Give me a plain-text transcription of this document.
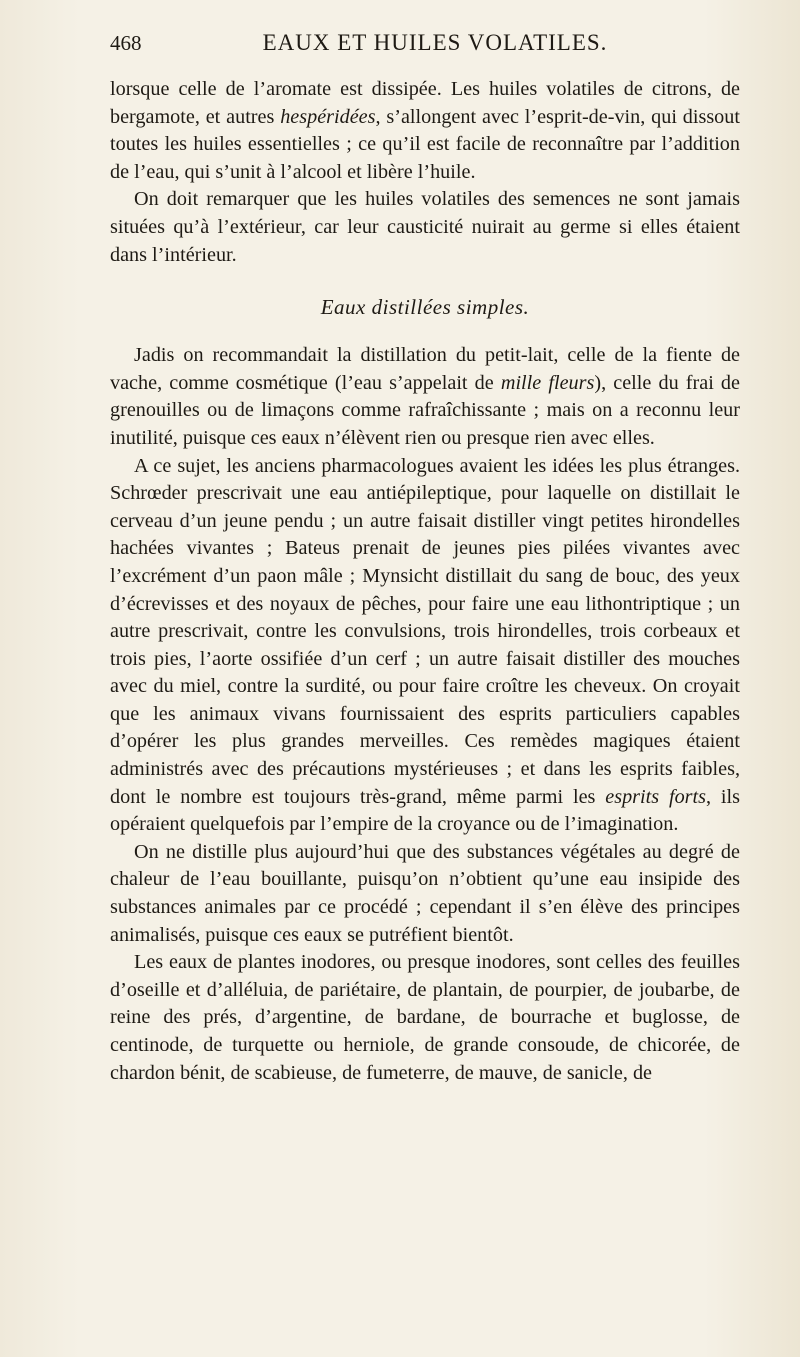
468	EAUX ET HUILES VOLATILES.

lorsque celle de l’aromate est dissipée. Les huiles volatiles de citrons, de bergamote, et autres hespéridées, s’allongent avec l’esprit-de-vin, qui dissout toutes les huiles essentielles ; ce qu’il est facile de reconnaître par l’addition de l’eau, qui s’unit à l’alcool et libère l’huile.

On doit remarquer que les huiles volatiles des semences ne sont jamais situées qu’à l’extérieur, car leur causticité nuirait au germe si elles étaient dans l’intérieur.

Eaux distillées simples.

Jadis on recommandait la distillation du petit-lait, celle de la fiente de vache, comme cosmétique (l’eau s’appelait de mille fleurs), celle du frai de grenouilles ou de limaçons comme rafraîchissante ; mais on a reconnu leur inutilité, puisque ces eaux n’élèvent rien ou presque rien avec elles.

A ce sujet, les anciens pharmacologues avaient les idées les plus étranges. Schrœder prescrivait une eau antiépileptique, pour laquelle on distillait le cerveau d’un jeune pendu ; un autre faisait distiller vingt petites hirondelles hachées vivantes ; Bateus prenait de jeunes pies pilées vivantes avec l’excrément d’un paon mâle ; Mynsicht distillait du sang de bouc, des yeux d’écrevisses et des noyaux de pêches, pour faire une eau lithontriptique ; un autre prescrivait, contre les convulsions, trois hirondelles, trois corbeaux et trois pies, l’aorte ossifiée d’un cerf ; un autre faisait distiller des mouches avec du miel, contre la surdité, ou pour faire croître les cheveux. On croyait que les animaux vivans fournissaient des esprits particuliers capables d’opérer les plus grandes merveilles. Ces remèdes magiques étaient administrés avec des précautions mystérieuses ; et dans les esprits faibles, dont le nombre est toujours très-grand, même parmi les esprits forts, ils opéraient quelquefois par l’empire de la croyance ou de l’imagination.

On ne distille plus aujourd’hui que des substances végétales au degré de chaleur de l’eau bouillante, puisqu’on n’obtient qu’une eau insipide des substances animales par ce procédé ; cependant il s’en élève des principes animalisés, puisque ces eaux se putréfient bientôt.

Les eaux de plantes inodores, ou presque inodores, sont celles des feuilles d’oseille et d’alléluia, de pariétaire, de plantain, de pourpier, de joubarbe, de reine des prés, d’argentine, de bardane, de bourrache et buglosse, de centinode, de turquette ou herniole, de grande consoude, de chicorée, de chardon bénit, de scabieuse, de fumeterre, de mauve, de sanicle, de
